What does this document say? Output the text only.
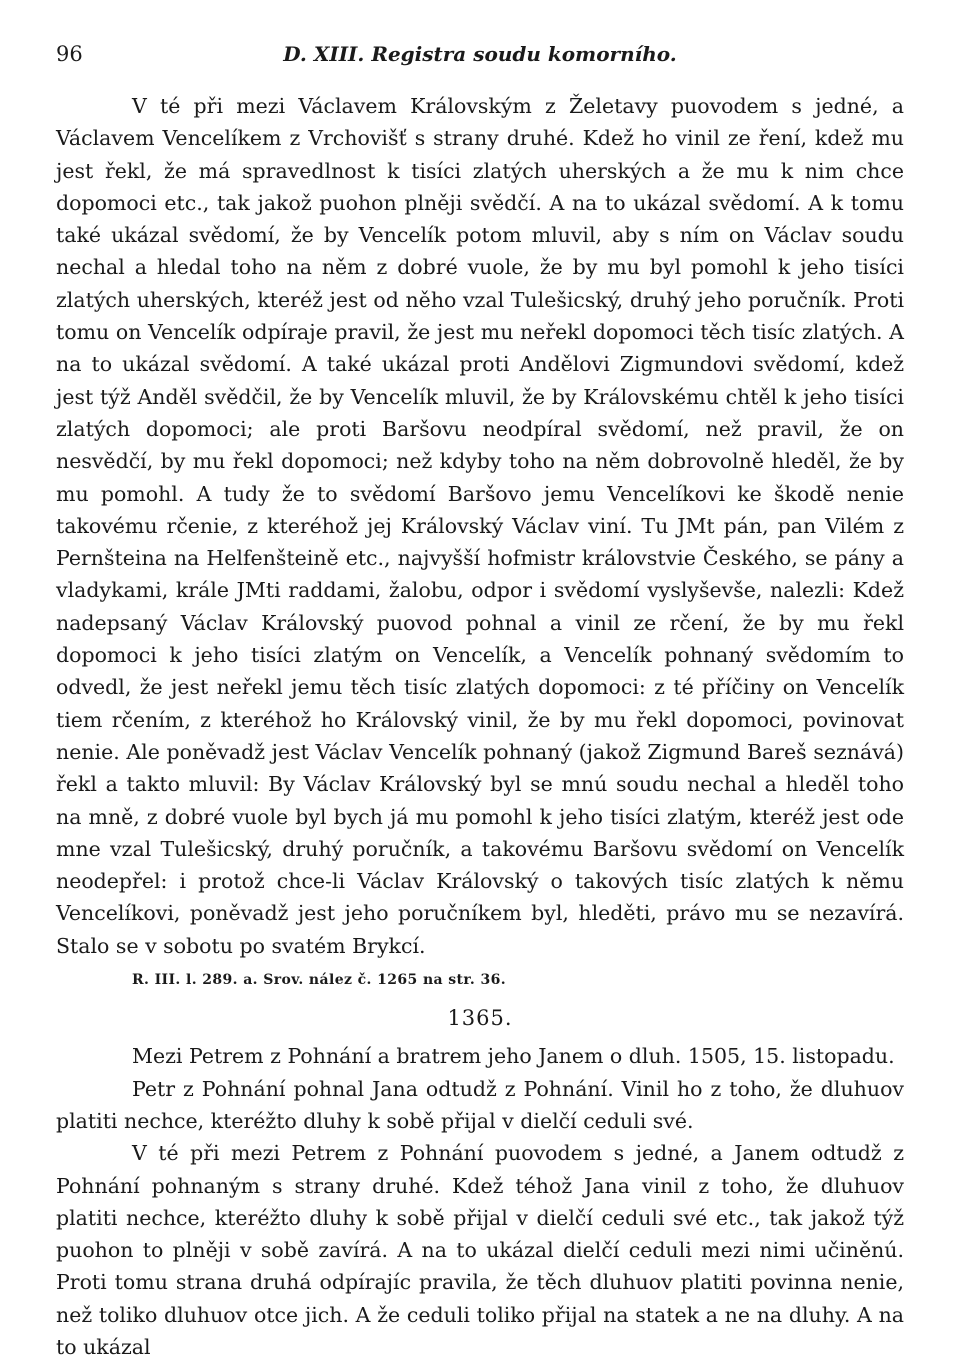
96	D. XIII. Registra soudu komorního.

V té při mezi Václavem Královským z Želetavy puovodem s jedné, a Václavem Vencelíkem z Vrchovišť s strany druhé. Kdež ho vinil ze ření, kdež mu jest řekl, že má spravedlnost k tisíci zlatých uherských a že mu k nim chce dopomoci etc., tak jakož puohon plněji svědčí. A na to ukázal svědomí. A k tomu také ukázal svědomí, že by Vencelík potom mluvil, aby s ním on Václav soudu nechal a hledal toho na něm z dobré vuole, že by mu byl pomohl k jeho tisíci zlatých uherských, kteréž jest od něho vzal Tulešicský, druhý jeho poručník. Proti tomu on Vencelík odpíraje pravil, že jest mu neřekl dopomoci těch tisíc zlatých. A na to ukázal svědomí. A také ukázal proti Andělovi Zigmundovi svědomí, kdež jest týž Anděl svědčil, že by Vencelík mluvil, že by Královskému chtěl k jeho tisíci zlatých dopomoci; ale proti Baršovu neodpíral svědomí, než pravil, že on nesvědčí, by mu řekl dopomoci; než kdyby toho na něm dobrovolně hleděl, že by mu pomohl. A tudy že to svědomí Baršovo jemu Vencelíkovi ke škodě nenie takovému rčenie, z kteréhož jej Královský Václav viní. Tu JMt pán, pan Vilém z Pernšteina na Helfenšteině etc., najvyšší hofmistr královstvie Českého, se pány a vladykami, krále JMti raddami, žalobu, odpor i svědomí vyslyševše, nalezli: Kdež nadepsaný Václav Královský puovod pohnal a vinil ze rčení, že by mu řekl dopomoci k jeho tisíci zlatým on Vencelík, a Vencelík pohnaný svědomím to odvedl, že jest neřekl jemu těch tisíc zlatých dopomoci: z té příčiny on Vencelík tiem rčením, z kteréhož ho Královský vinil, že by mu řekl dopomoci, povinovat nenie. Ale poněvadž jest Václav Vencelík pohnaný (jakož Zigmund Bareš seznává) řekl a takto mluvil: By Václav Královský byl se mnú soudu nechal a hleděl toho na mně, z dobré vuole byl bych já mu pomohl k jeho tisíci zlatým, kteréž jest ode mne vzal Tulešicský, druhý poručník, a takovému Baršovu svědomí on Vencelík neodepřel: i protož chce-li Václav Královský o takových tisíc zlatých k němu Vencelíkovi, poněvadž jest jeho poručníkem byl, hleděti, právo mu se nezavírá. Stalo se v sobotu po svatém Brykcí.

R. III. l. 289. a. Srov. nález č. 1265 na str. 36.

1365.

Mezi Petrem z Pohnání a bratrem jeho Janem o dluh. 1505, 15. listopadu.

Petr z Pohnání pohnal Jana odtudž z Pohnání. Vinil ho z toho, že dluhuov platiti nechce, kteréžto dluhy k sobě přijal v dielčí ceduli své.

V té při mezi Petrem z Pohnání puovodem s jedné, a Janem odtudž z Pohnání pohnaným s strany druhé. Kdež téhož Jana vinil z toho, že dluhuov platiti nechce, kteréžto dluhy k sobě přijal v dielčí ceduli své etc., tak jakož týž puohon to plněji v sobě zavírá. A na to ukázal dielčí ceduli mezi nimi učiněnú. Proti tomu strana druhá odpírajíc pravila, že těch dluhuov platiti povinna nenie, než toliko dluhuov otce jich. A že ceduli toliko přijal na statek a ne na dluhy. A na to ukázal
